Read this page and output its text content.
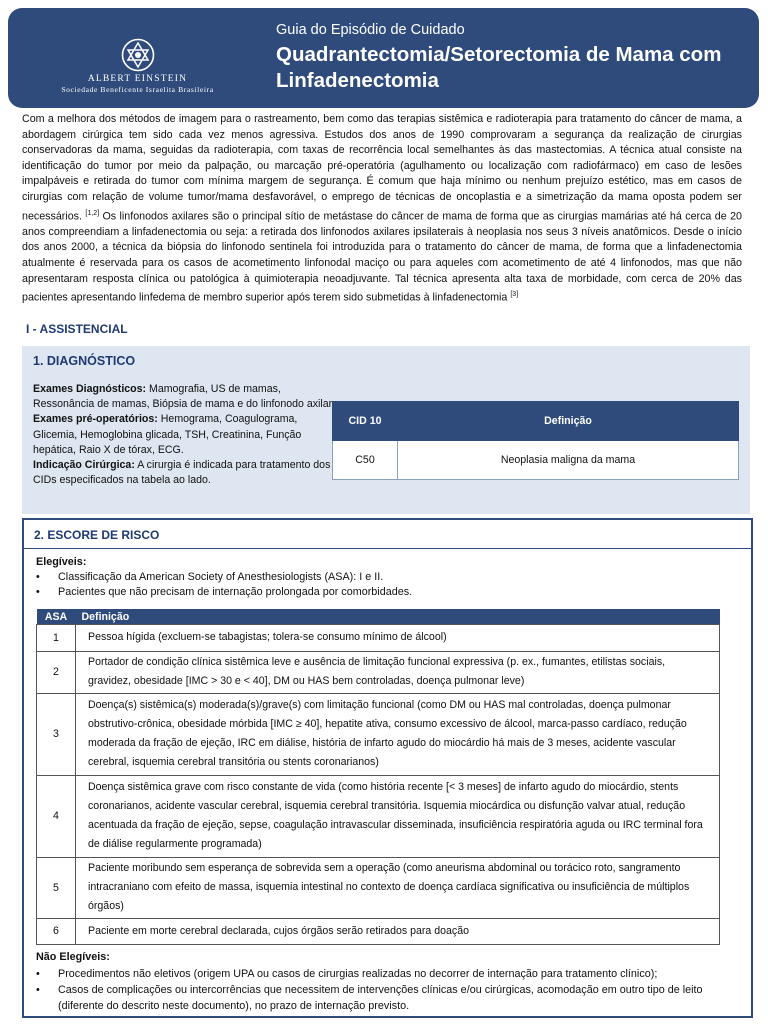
ALBERT EINSTEIN
Sociedade Beneficente Israelita Brasileira
Guia do Episódio de Cuidado
Quadrantectomia/Setorectomia de Mama com Linfadenectomia
Com a melhora dos métodos de imagem para o rastreamento, bem como das terapias sistêmica e radioterapia para tratamento do câncer de mama, a abordagem cirúrgica tem sido cada vez menos agressiva. Estudos dos anos de 1990 comprovaram a segurança da realização de cirurgias conservadoras da mama, seguidas da radioterapia, com taxas de recorrência local semelhantes às das mastectomias. A técnica atual consiste na identificação do tumor por meio da palpação, ou marcação pré-operatória (agulhamento ou localização com radiofármaco) em caso de lesões impalpáveis e retirada do tumor com mínima margem de segurança. É comum que haja mínimo ou nenhum prejuízo estético, mas em casos de cirurgias com relação de volume tumor/mama desfavorável, o emprego de técnicas de oncoplastia e a simetrização da mama oposta podem ser necessários. [1,2] Os linfonodos axilares são o principal sítio de metástase do câncer de mama de forma que as cirurgias mamárias até há cerca de 20 anos compreendiam a linfadenectomia ou seja: a retirada dos linfonodos axilares ipsilaterais à neoplasia nos seus 3 níveis anatômicos. Desde o início dos anos 2000, a técnica da biópsia do linfonodo sentinela foi introduzida para o tratamento do câncer de mama, de forma que a linfadenectomia atualmente é reservada para os casos de acometimento linfonodal maciço ou para aqueles com acometimento de até 4 linfonodos, mas que não apresentaram resposta clínica ou patológica à quimioterapia neoadjuvante. Tal técnica apresenta alta taxa de morbidade, com cerca de 20% das pacientes apresentando linfedema de membro superior após terem sido submetidas à linfadenectomia [3]
I - ASSISTENCIAL
1. DIAGNÓSTICO
Exames Diagnósticos: Mamografia, US de mamas, Ressonância de mamas, Biópsia de mama e do linfonodo axilar
Exames pré-operatórios: Hemograma, Coagulograma, Glicemia, Hemoglobina glicada, TSH, Creatinina, Função hepática, Raio X de tórax, ECG.
Indicação Cirúrgica: A cirurgia é indicada para tratamento dos CIDs especificados na tabela ao lado.
CID 10	Definição
C50	Neoplasia maligna da mama
2. ESCORE DE RISCO
Elegíveis:
• Classificação da American Society of Anesthesiologists (ASA): I e II.
• Pacientes que não precisam de internação prolongada por comorbidades.
ASA	Definição
1	Pessoa hígida (excluem-se tabagistas; tolera-se consumo mínimo de álcool)
2	Portador de condição clínica sistêmica leve e ausência de limitação funcional expressiva (p. ex., fumantes, etilistas sociais, gravidez, obesidade [IMC > 30 e < 40], DM ou HAS bem controladas, doença pulmonar leve)
3	Doença(s) sistêmica(s) moderada(s)/grave(s) com limitação funcional (como DM ou HAS mal controladas, doença pulmonar obstrutivo-crônica, obesidade mórbida [IMC ≥ 40], hepatite ativa, consumo excessivo de álcool, marca-passo cardíaco, redução moderada da fração de ejeção, IRC em diálise, história de infarto agudo do miocárdio há mais de 3 meses, acidente vascular cerebral, isquemia cerebral transitória ou stents coronarianos)
4	Doença sistêmica grave com risco constante de vida (como história recente [< 3 meses] de infarto agudo do miocárdio, stents coronarianos, acidente vascular cerebral, isquemia cerebral transitória. Isquemia miocárdica ou disfunção valvar atual, redução acentuada da fração de ejeção, sepse, coagulação intravascular disseminada, insuficiência respiratória aguda ou IRC terminal fora de diálise regularmente programada)
5	Paciente moribundo sem esperança de sobrevida sem a operação (como aneurisma abdominal ou torácico roto, sangramento intracraniano com efeito de massa, isquemia intestinal no contexto de doença cardíaca significativa ou insuficiência de múltiplos órgãos)
6	Paciente em morte cerebral declarada, cujos órgãos serão retirados para doação
Não Elegíveis:
• Procedimentos não eletivos (origem UPA ou casos de cirurgias realizadas no decorrer de internação para tratamento clínico);
• Casos de complicações ou intercorrências que necessitem de intervenções clínicas e/ou cirúrgicas, acomodação em outro tipo de leito (diferente do descrito neste documento), no prazo de internação previsto.
